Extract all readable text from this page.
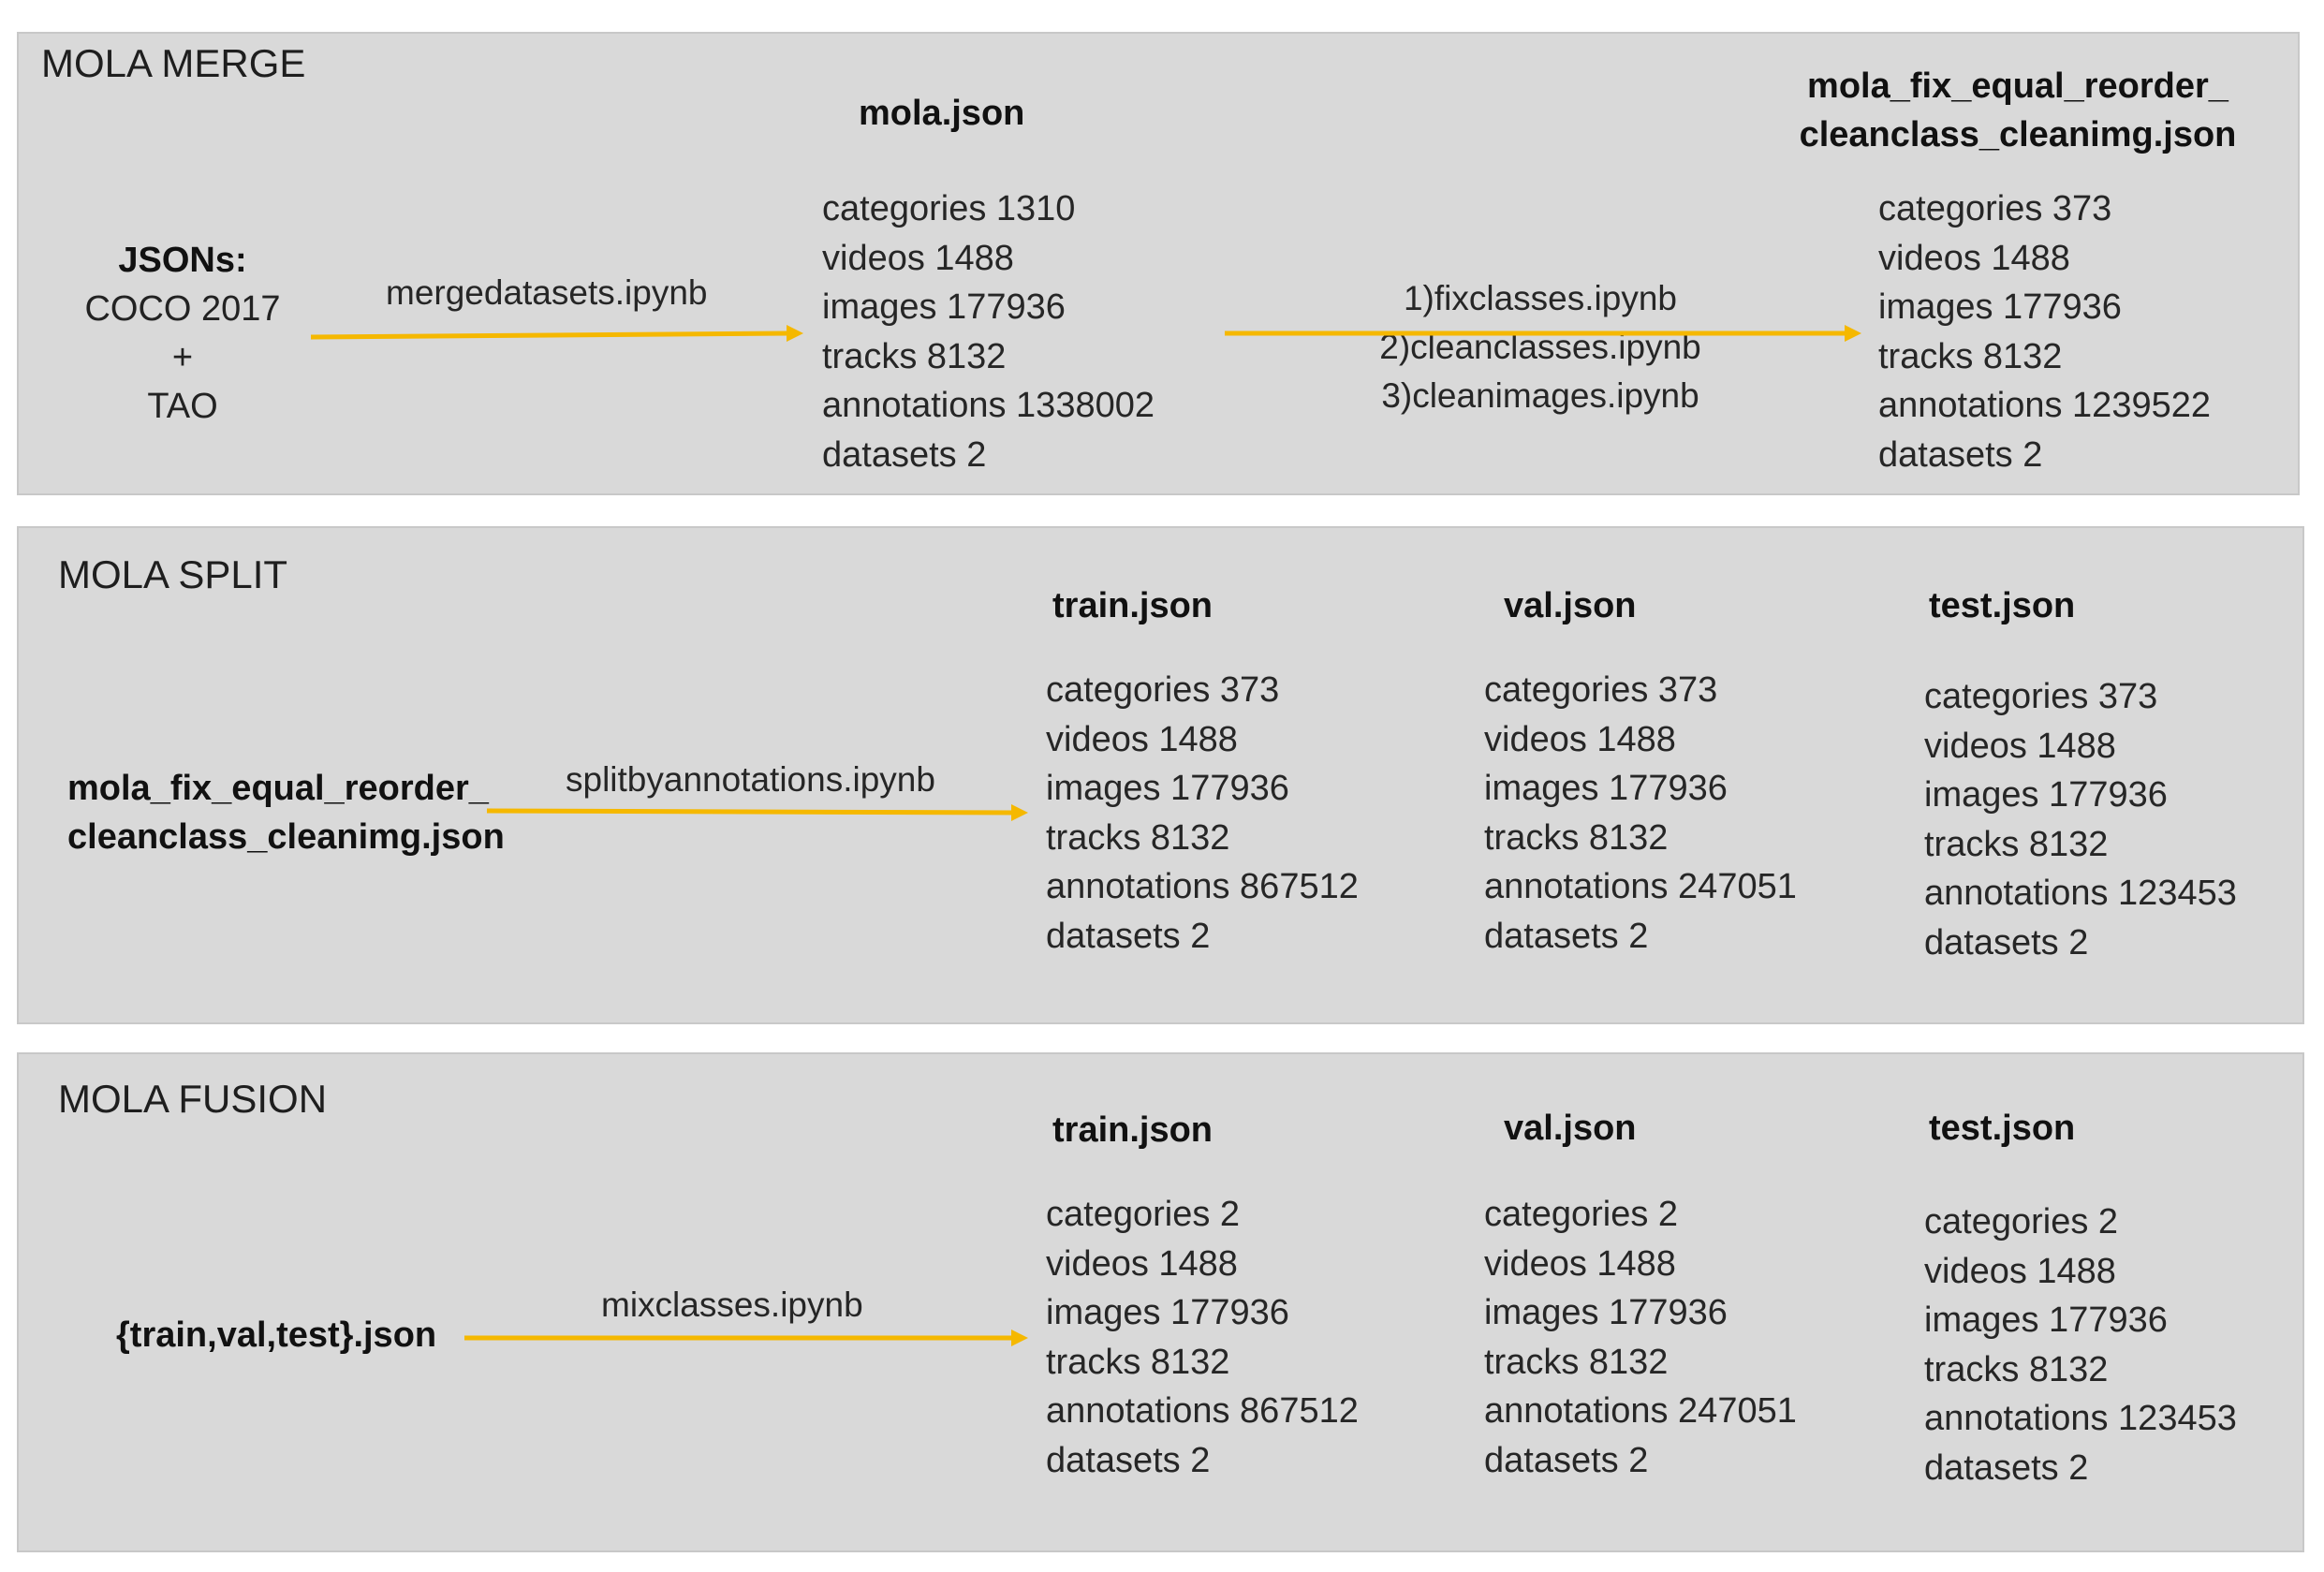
MOLA MERGE
JSONs:
COCO 2017
+
TAO
mergedatasets.ipynb
mola.json
categories 1310
videos 1488
images 177936
tracks 8132
annotations 1338002
datasets 2
1)fixclasses.ipynb
2)cleanclasses.ipynb
3)cleanimages.ipynb
mola_fix_equal_reorder_
cleanclass_cleanimg.json
categories 373
videos 1488
images 177936
tracks 8132
annotations 1239522
datasets 2
MOLA SPLIT
mola_fix_equal_reorder_
cleanclass_cleanimg.json
splitbyannotations.ipynb
train.json
categories 373
videos 1488
images 177936
tracks 8132
annotations 867512
datasets 2
val.json
categories 373
videos 1488
images 177936
tracks 8132
annotations 247051
datasets 2
test.json
categories 373
videos 1488
images 177936
tracks 8132
annotations 123453
datasets 2
MOLA FUSION
{train,val,test}.json
mixclasses.ipynb
train.json
categories 2
videos 1488
images 177936
tracks 8132
annotations 867512
datasets 2
val.json
categories 2
videos 1488
images 177936
tracks 8132
annotations 247051
datasets 2
test.json
categories 2
videos 1488
images 177936
tracks 8132
annotations 123453
datasets 2
